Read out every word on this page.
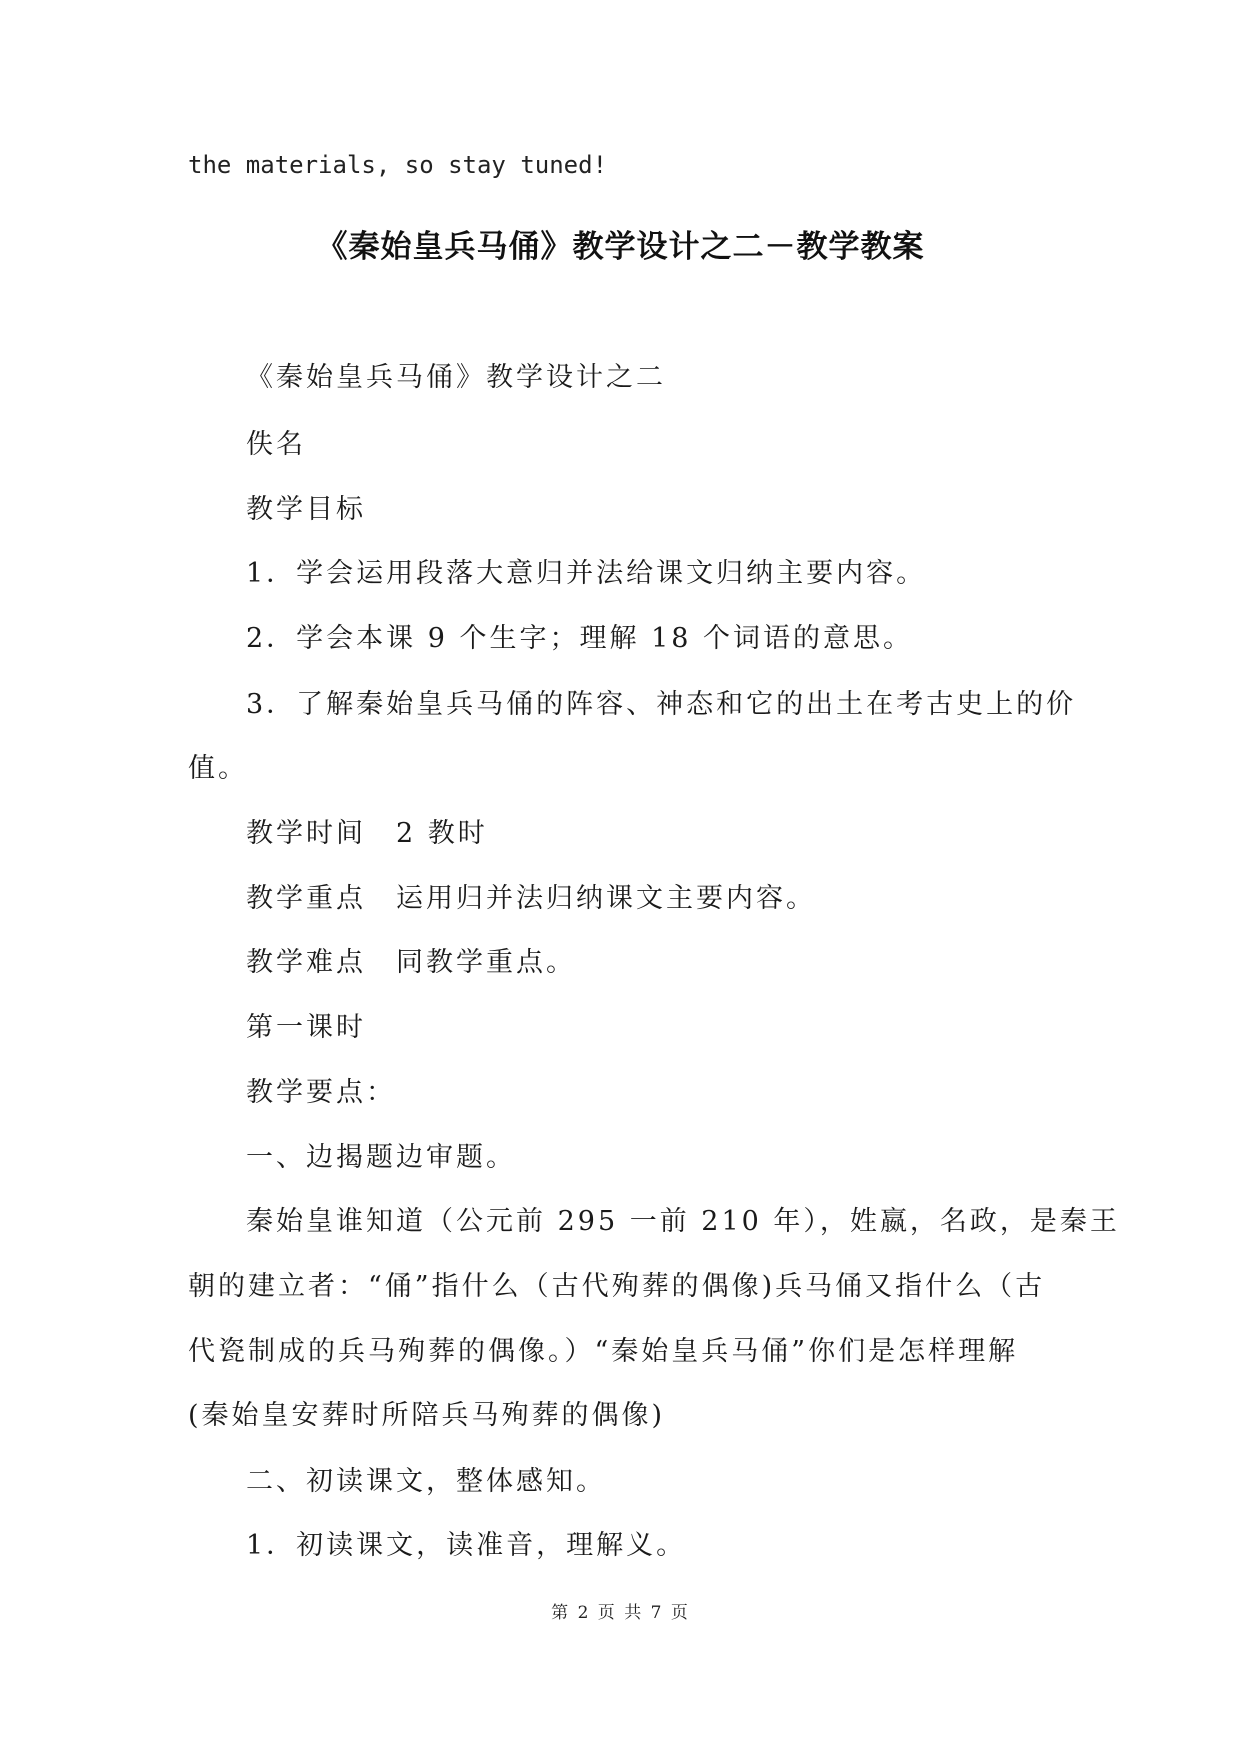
the materials, so stay tuned!
《秦始皇兵马俑》教学设计之二－教学教案
《秦始皇兵马俑》教学设计之二
佚名
教学目标
1．学会运用段落大意归并法给课文归纳主要内容。
2．学会本课 9 个生字；理解 18 个词语的意思。
3．了解秦始皇兵马俑的阵容、神态和它的出土在考古史上的价
值。
教学时间　2 教时
教学重点　运用归并法归纳课文主要内容。
教学难点　同教学重点。
第一课时
教学要点：
一、边揭题边审题。
秦始皇谁知道（公元前 295 一前 210 年），姓嬴，名政，是秦王
朝的建立者：“俑”指什么（古代殉葬的偶像)兵马俑又指什么（古
代瓷制成的兵马殉葬的偶像。）“秦始皇兵马俑”你们是怎样理解
(秦始皇安葬时所陪兵马殉葬的偶像)
二、初读课文，整体感知。
1．初读课文，读准音，理解义。
第 2 页 共 7 页
